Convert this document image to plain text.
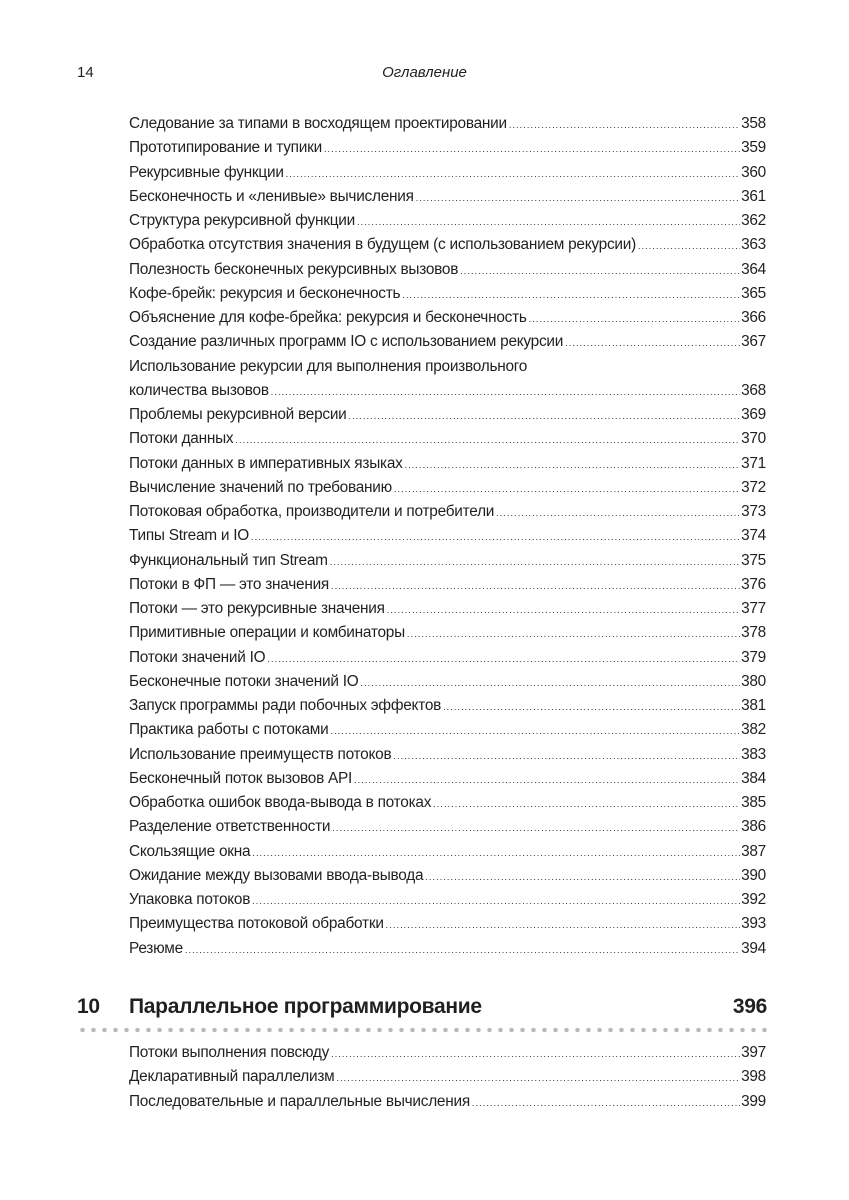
14	Оглавление
Следование за типами в восходящем проектировании .....	358
Прототипирование и тупики .....	359
Рекурсивные функции .....	360
Бесконечность и «ленивые» вычисления .....	361
Структура рекурсивной функции .....	362
Обработка отсутствия значения в будущем (с использованием рекурсии) .....	363
Полезность бесконечных рекурсивных вызовов .....	364
Кофе-брейк: рекурсия и бесконечность .....	365
Объяснение для кофе-брейка: рекурсия и бесконечность .....	366
Создание различных программ IO с использованием рекурсии .....	367
Использование рекурсии для выполнения произвольного
количества вызовов .....	368
Проблемы рекурсивной версии .....	369
Потоки данных .....	370
Потоки данных в императивных языках .....	371
Вычисление значений по требованию .....	372
Потоковая обработка, производители и потребители .....	373
Типы Stream и IO .....	374
Функциональный тип Stream .....	375
Потоки в ФП — это значения .....	376
Потоки — это рекурсивные значения .....	377
Примитивные операции и комбинаторы .....	378
Потоки значений IO .....	379
Бесконечные потоки значений IO .....	380
Запуск программы ради побочных эффектов .....	381
Практика работы с потоками .....	382
Использование преимуществ потоков .....	383
Бесконечный поток вызовов API .....	384
Обработка ошибок ввода-вывода в потоках .....	385
Разделение ответственности .....	386
Скользящие окна .....	387
Ожидание между вызовами ввода-вывода .....	390
Упаковка потоков .....	392
Преимущества потоковой обработки .....	393
Резюме .....	394
10	Параллельное программирование	396
Потоки выполнения повсюду .....	397
Декларативный параллелизм .....	398
Последовательные и параллельные вычисления .....	399
